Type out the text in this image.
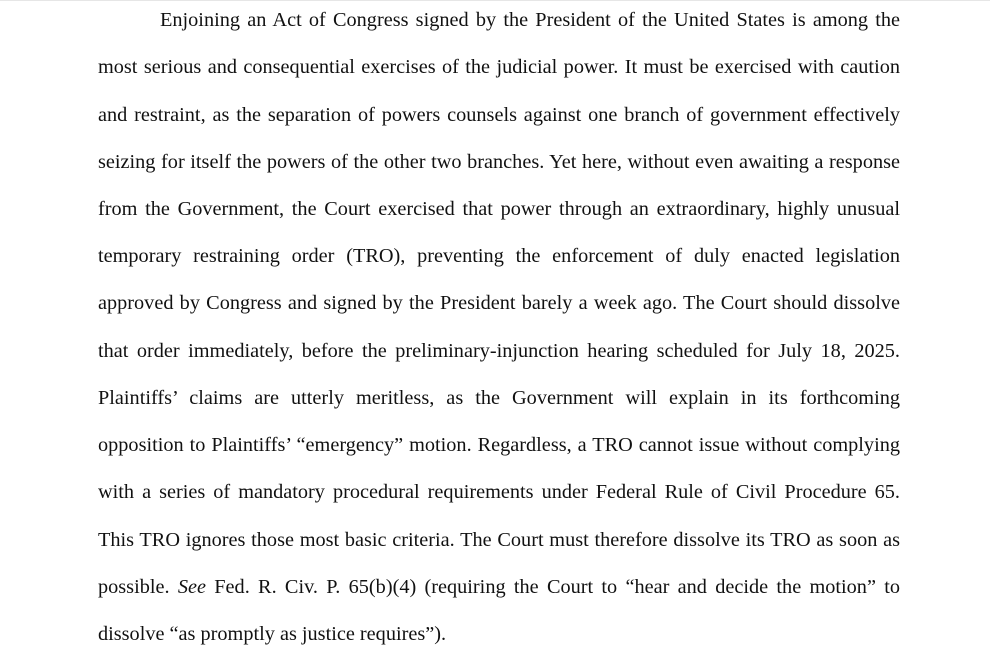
Enjoining an Act of Congress signed by the President of the United States is among the
most serious and consequential exercises of the judicial power. It must be exercised with caution
and restraint, as the separation of powers counsels against one branch of government effectively
seizing for itself the powers of the other two branches. Yet here, without even awaiting a response
from the Government, the Court exercised that power through an extraordinary, highly unusual
temporary restraining order (TRO), preventing the enforcement of duly enacted legislation
approved by Congress and signed by the President barely a week ago. The Court should dissolve
that order immediately, before the preliminary-injunction hearing scheduled for July 18, 2025.
Plaintiffs’ claims are utterly meritless, as the Government will explain in its forthcoming
opposition to Plaintiffs’ “emergency” motion. Regardless, a TRO cannot issue without complying
with a series of mandatory procedural requirements under Federal Rule of Civil Procedure 65.
This TRO ignores those most basic criteria. The Court must therefore dissolve its TRO as soon as
possible. See Fed. R. Civ. P. 65(b)(4) (requiring the Court to “hear and decide the motion” to
dissolve “as promptly as justice requires”).
